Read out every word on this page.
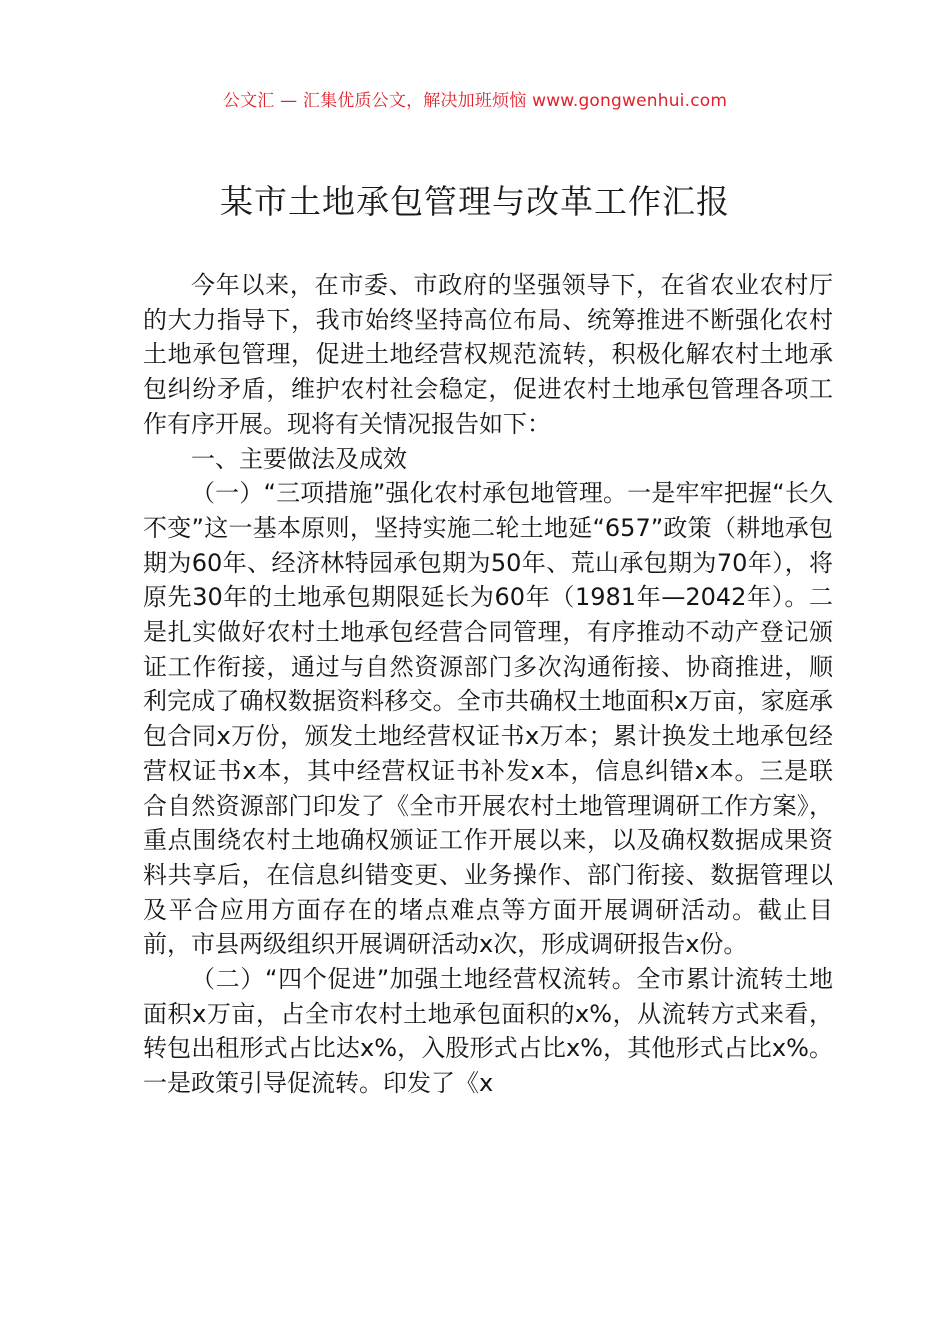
公文汇 — 汇集优质公文，解决加班烦恼 www.gongwenhui.com
某市土地承包管理与改革工作汇报

今年以来，在市委、市政府的坚强领导下，在省农业农村厅的大力指导下，我市始终坚持高位布局、统筹推进不断强化农村土地承包管理，促进土地经营权规范流转，积极化解农村土地承包纠纷矛盾，维护农村社会稳定，促进农村土地承包管理各项工作有序开展。现将有关情况报告如下：

一、主要做法及成效

（一）“三项措施”强化农村承包地管理。一是牢牢把握“长久不变”这一基本原则，坚持实施二轮土地延“657”政策（耕地承包期为60年、经济林特园承包期为50年、荒山承包期为70年），将原先30年的土地承包期限延长为60年（1981年—2042年）。二是扎实做好农村土地承包经营合同管理，有序推动不动产登记颁证工作衔接，通过与自然资源部门多次沟通衔接、协商推进，顺利完成了确权数据资料移交。全市共确权土地面积x万亩，家庭承包合同x万份，颁发土地经营权证书x万本；累计换发土地承包经营权证书x本，其中经营权证书补发x本，信息纠错x本。三是联合自然资源部门印发了《全市开展农村土地管理调研工作方案》，重点围绕农村土地确权颁证工作开展以来，以及确权数据成果资料共享后，在信息纠错变更、业务操作、部门衔接、数据管理以及平合应用方面存在的堵点难点等方面开展调研活动。截止目前，市县两级组织开展调研活动x次，形成调研报告x份。

（二）“四个促进”加强土地经营权流转。全市累计流转土地面积x万亩，占全市农村土地承包面积的x%，从流转方式来看，转包出租形式占比达x%，入股形式占比x%，其他形式占比x%。一是政策引导促流转。印发了《x
